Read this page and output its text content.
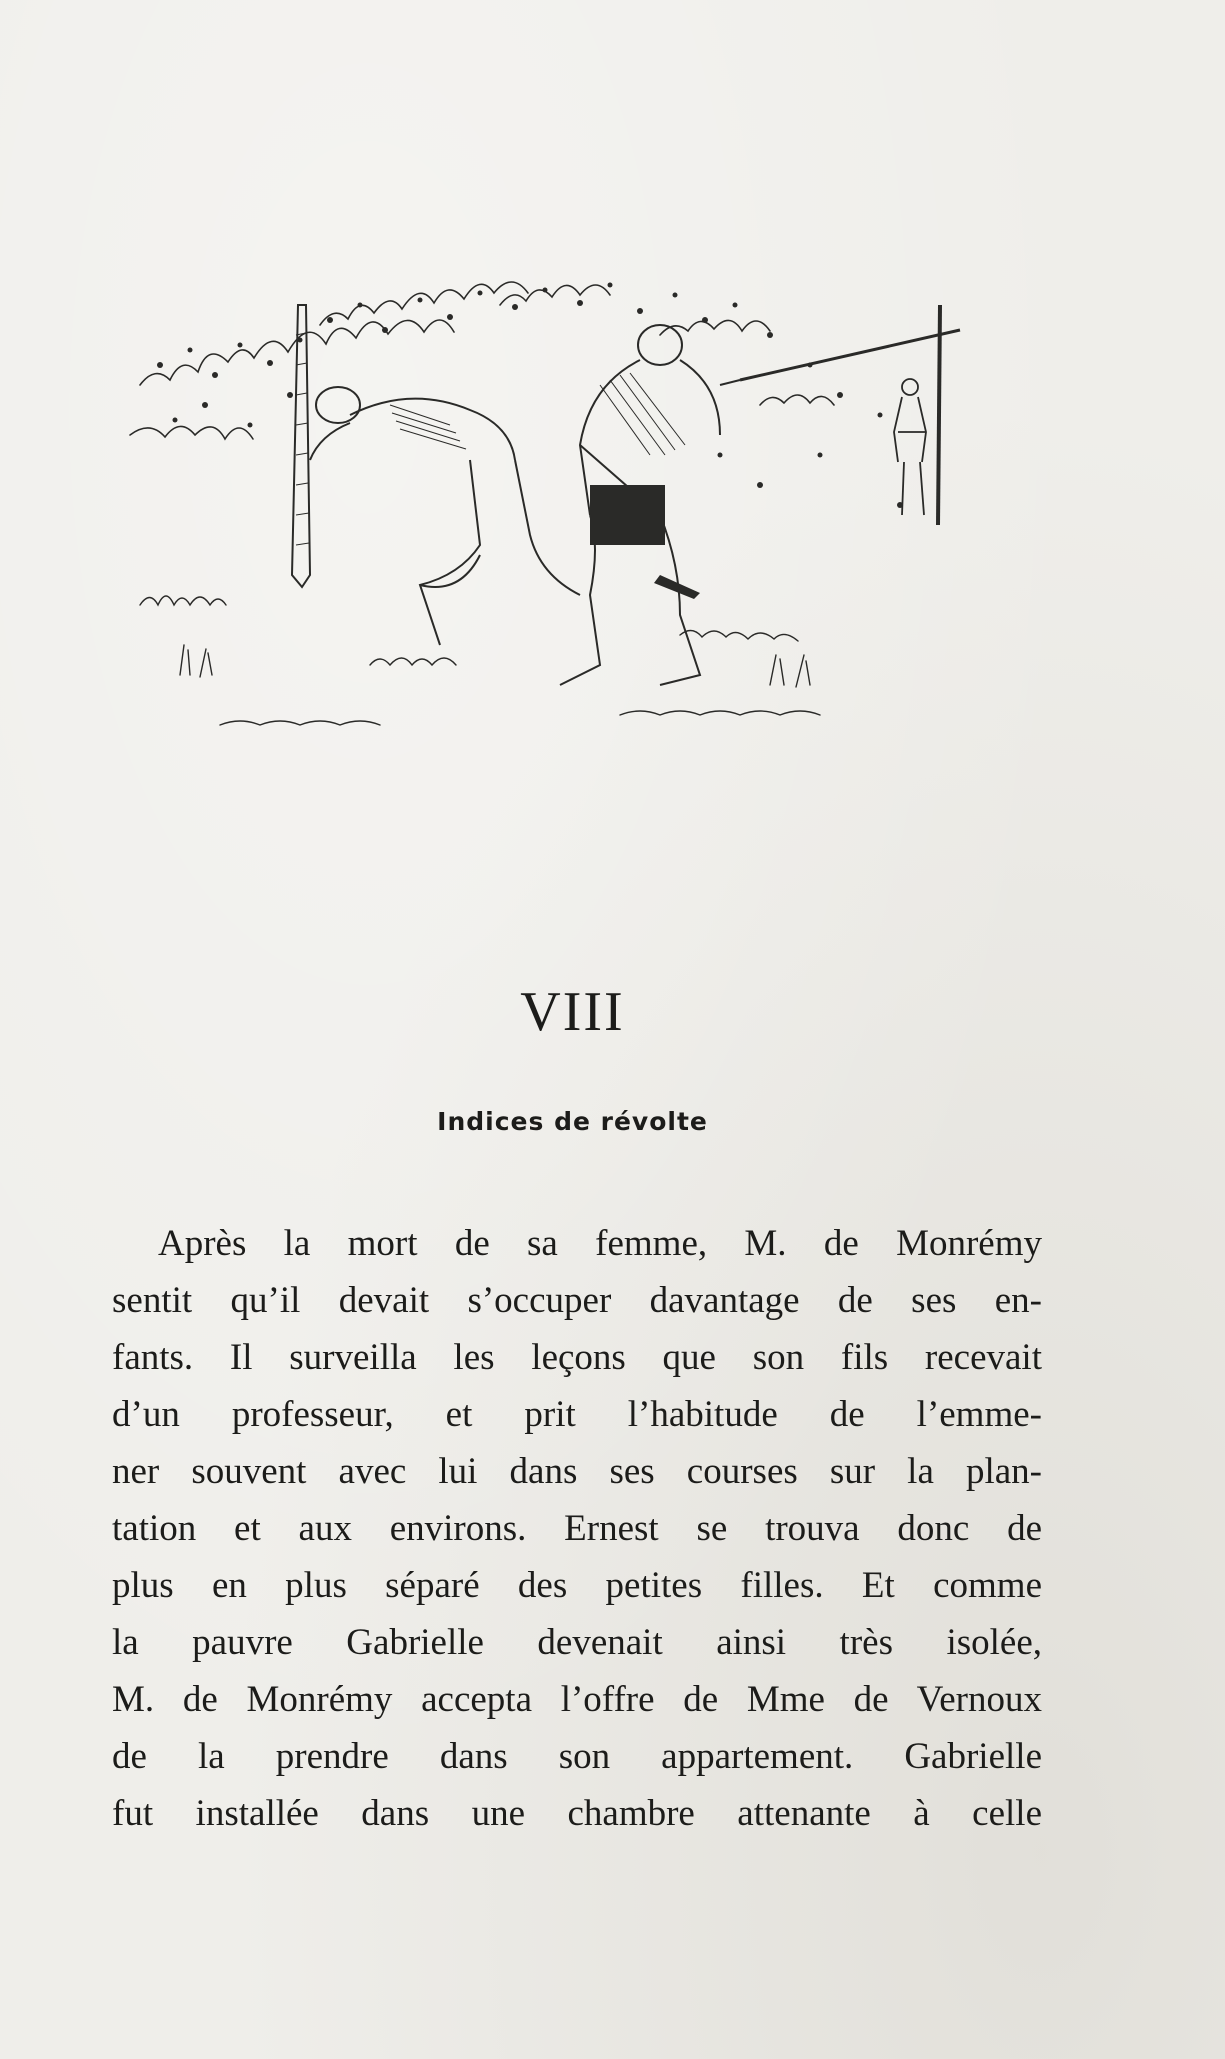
VIII
Indices de révolte
Après la mort de sa femme, M. de Monrémy
sentit qu’il devait s’occuper davantage de ses en-
fants. Il surveilla les leçons que son fils recevait
d’un professeur, et prit l’habitude de l’emme-
ner souvent avec lui dans ses courses sur la plan-
tation et aux environs. Ernest se trouva donc de
plus en plus séparé des petites filles. Et comme
la pauvre Gabrielle devenait ainsi très isolée,
M. de Monrémy accepta l’offre de Mme de Vernoux
de la prendre dans son appartement. Gabrielle
fut installée dans une chambre attenante à celle
